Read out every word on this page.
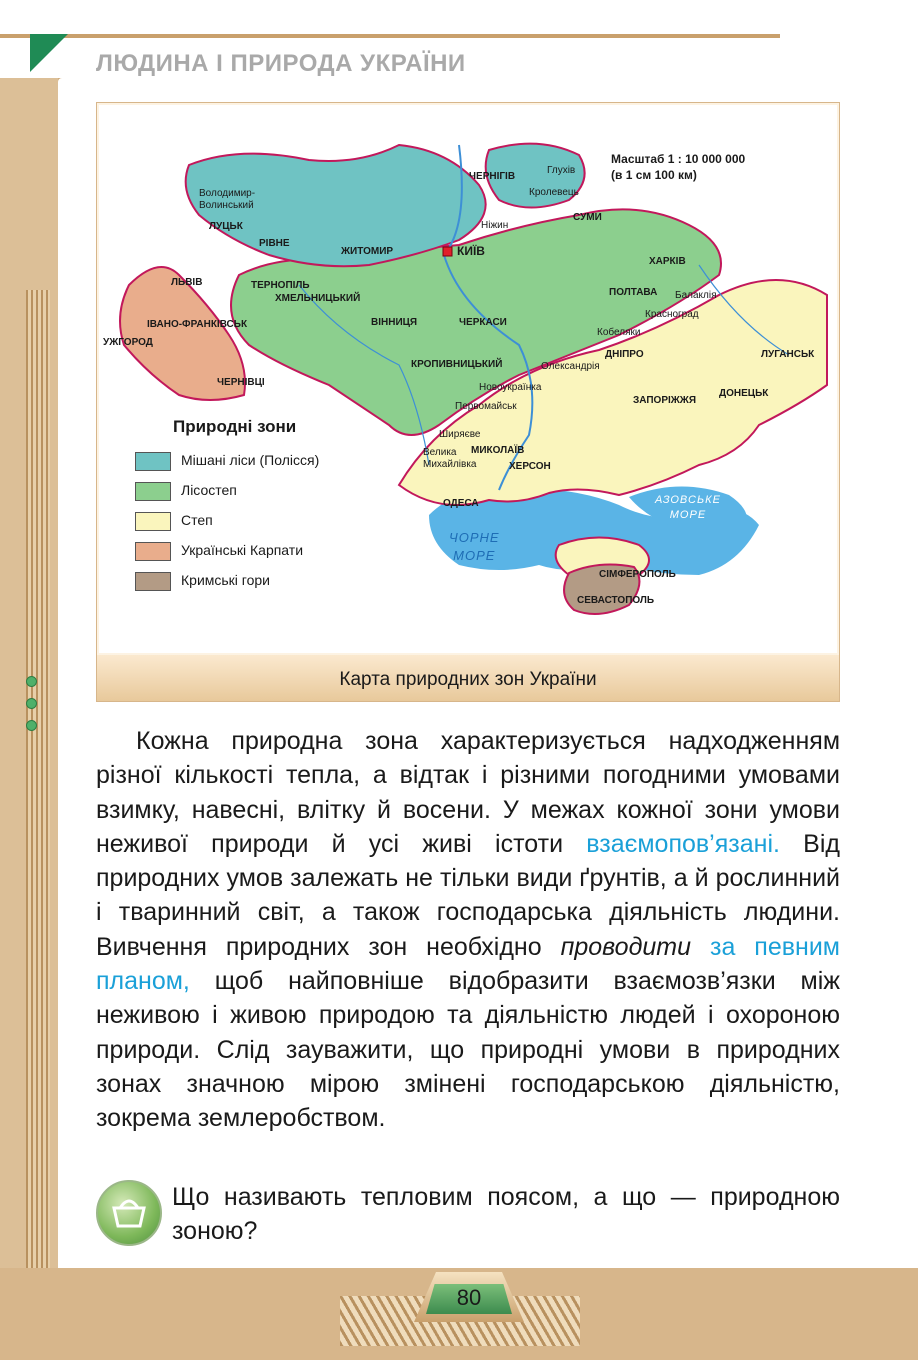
ЛЮДИНА І ПРИРОДА УКРАЇНИ
Масштаб 1 : 10 000 000
(в 1 см 100 км)
КИЇВ
ЧЕРНІГІВ
Глухів
Кролевець
Ніжин
СУМИ
ХАРКІВ
ПОЛТАВА Балаклія
Красноград
Кобеляки
ЛУГАНСЬК
ДОНЕЦЬК
ДНІПРО
ЗАПОРІЖЖЯ
Володимир-
Волинський
ЛУЦЬК
РІВНЕ
ЖИТОМИР
ЛЬВІВ	ТЕРНОПІЛЬ
ХМЕЛЬНИЦЬКИЙ
ВІННИЦЯ	ЧЕРКАСИ
ІВАНО-ФРАНКІВСЬК
УЖГОРОД
ЧЕРНІВЦІ
КРОПИВНИЦЬКИЙ	Олександрія
Новоукраїнка
Первомайськ
Ширяєве
Велика
Михайлівка
МИКОЛАЇВ
ХЕРСОН
ОДЕСА
СІМФЕРОПОЛЬ
СЕВАСТОПОЛЬ
ЧОРНЕ
МОРЕ
АЗОВСЬКЕ
МОРЕ
Природні зони
Мішані ліси (Полісся)
Лісостеп
Степ
Українські Карпати
Кримські гори
Карта природних зон України

Кожна природна зона характеризується надходженням різної кількості тепла, а відтак і різними погодними умовами взимку, навесні, влітку й восени. У межах кожної зони умови неживої природи й усі живі істоти взаємопов’язані. Від природних умов залежать не тільки види ґрунтів, а й рослинний і тваринний світ, а також господарська діяльність людини. Вивчення природних зон необхідно проводити за певним планом, щоб найповніше відобразити взаємозв’язки між неживою і живою природою та діяльністю людей і охороною природи. Слід зауважити, що природні умови в природних зонах значною мірою змінені господарською діяльністю, зокрема землеробством.

Що називають тепловим поясом, а що — природною зоною?
80
